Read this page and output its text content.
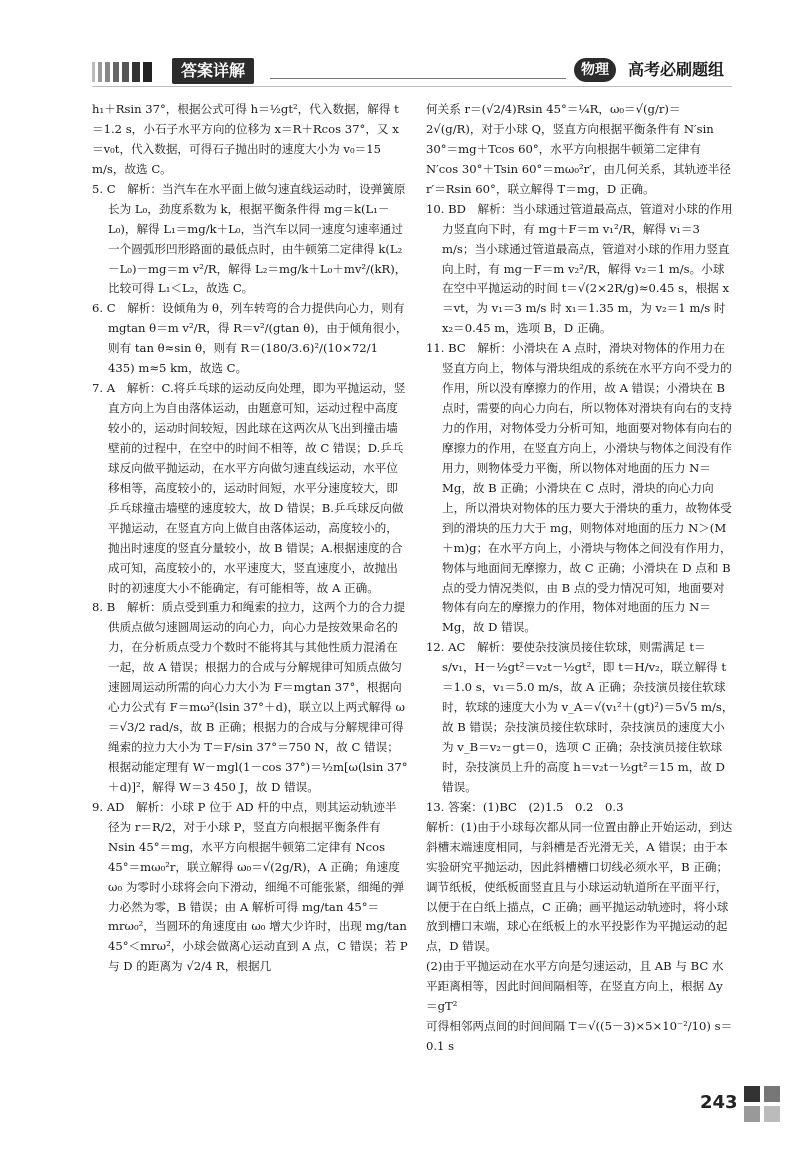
答案详解	物理	高考必刷题组

h₁＋Rsin 37°，根据公式可得 h＝½gt²，代入数据，解得 t＝1.2 s，小石子水平方向的位移为 x＝R＋Rcos 37°，又 x＝v₀t，代入数据，可得石子抛出时的速度大小为 v₀＝15 m/s，故选 C。

5. C　解析：当汽车在水平面上做匀速直线运动时，设弹簧原长为 L₀，劲度系数为 k，根据平衡条件得 mg＝k(L₁－L₀)，解得 L₁＝mg/k＋L₀，当汽车以同一速度匀速率通过一个圆弧形凹形路面的最低点时，由牛顿第二定律得 k(L₂－L₀)－mg＝m v²/R，解得 L₂＝mg/k＋L₀＋mv²/(kR)，比较可得 L₁＜L₂，故选 C。

6. C　解析：设倾角为 θ，列车转弯的合力提供向心力，则有 mgtan θ＝m v²/R，得 R＝v²/(gtan θ)，由于倾角很小，则有 tan θ≈sin θ，则有 R＝(180/3.6)²/(10×72/1 435) m≈5 km，故选 C。

7. A　解析：C.将乒乓球的运动反向处理，即为平抛运动，竖直方向上为自由落体运动，由题意可知，运动过程中高度较小的，运动时间较短，因此球在这两次从飞出到撞击墙壁前的过程中，在空中的时间不相等，故 C 错误；D.乒乓球反向做平抛运动，在水平方向做匀速直线运动，水平位移相等，高度较小的，运动时间短，水平分速度较大，即乒乓球撞击墙壁的速度较大，故 D 错误；B.乒乓球反向做平抛运动，在竖直方向上做自由落体运动，高度较小的，抛出时速度的竖直分量较小，故 B 错误；A.根据速度的合成可知，高度较小的，水平速度大，竖直速度小，故抛出时的初速度大小不能确定，有可能相等，故 A 正确。

8. B　解析：质点受到重力和绳索的拉力，这两个力的合力提供质点做匀速圆周运动的向心力，向心力是按效果命名的力，在分析质点受力个数时不能将其与其他性质力混淆在一起，故 A 错误；根据力的合成与分解规律可知质点做匀速圆周运动所需的向心力大小为 F＝mgtan 37°，根据向心力公式有 F＝mω²(lsin 37°＋d)，联立以上两式解得 ω＝√3/2 rad/s，故 B 正确；根据力的合成与分解规律可得绳索的拉力大小为 T＝F/sin 37°＝750 N，故 C 错误；根据动能定理有 W－mgl(1－cos 37°)＝½m[ω(lsin 37°＋d)]²，解得 W＝3 450 J，故 D 错误。

9. AD　解析：小球 P 位于 AD 杆的中点，则其运动轨迹半径为 r＝R/2，对于小球 P，竖直方向根据平衡条件有 Nsin 45°＝mg，水平方向根据牛顿第二定律有 Ncos 45°＝mω₀²r，联立解得 ω₀＝√(2g/R)，A 正确；角速度 ω₀ 为零时小球将会向下滑动，细绳不可能张紧，细绳的弹力必然为零，B 错误；由 A 解析可得 mg/tan 45°＝mrω₀²，当圆环的角速度由 ω₀ 增大少许时，出现 mg/tan 45°＜mrω²，小球会做离心运动直到 A 点，C 错误；若 P 与 D 的距离为 √2/4 R，根据几

何关系 r＝(√2/4)Rsin 45°＝¼R，ω₀＝√(g/r)＝2√(g/R)，对于小球 Q，竖直方向根据平衡条件有 N′sin 30°＝mg＋Tcos 60°，水平方向根据牛顿第二定律有 N′cos 30°＋Tsin 60°＝mω₀²r′，由几何关系，其轨迹半径 r′＝Rsin 60°，联立解得 T＝mg，D 正确。

10. BD　解析：当小球通过管道最高点，管道对小球的作用力竖直向下时，有 mg＋F＝m v₁²/R，解得 v₁＝3 m/s；当小球通过管道最高点，管道对小球的作用力竖直向上时，有 mg－F＝m v₂²/R，解得 v₂＝1 m/s。小球在空中平抛运动的时间 t＝√(2×2R/g)≈0.45 s，根据 x＝vt，为 v₁＝3 m/s 时 x₁＝1.35 m，为 v₂＝1 m/s 时 x₂＝0.45 m，选项 B，D 正确。

11. BC　解析：小滑块在 A 点时，滑块对物体的作用力在竖直方向上，物体与滑块组成的系统在水平方向不受力的作用，所以没有摩擦力的作用，故 A 错误；小滑块在 B 点时，需要的向心力向右，所以物体对滑块有向右的支持力的作用，对物体受力分析可知，地面要对物体有向右的摩擦力的作用，在竖直方向上，小滑块与物体之间没有作用力，则物体受力平衡，所以物体对地面的压力 N＝Mg，故 B 正确；小滑块在 C 点时，滑块的向心力向上，所以滑块对物体的压力要大于滑块的重力，故物体受到的滑块的压力大于 mg，则物体对地面的压力 N＞(M＋m)g；在水平方向上，小滑块与物体之间没有作用力，物体与地面间无摩擦力，故 C 正确；小滑块在 D 点和 B 点的受力情况类似，由 B 点的受力情况可知，地面要对物体有向左的摩擦力的作用，物体对地面的压力 N＝Mg，故 D 错误。

12. AC　解析：要使杂技演员接住软球，则需满足 t＝s/v₁，H－½gt²＝v₂t－½gt²，即 t＝H/v₂，联立解得 t＝1.0 s，v₁＝5.0 m/s，故 A 正确；杂技演员接住软球时，软球的速度大小为 v_A＝√(v₁²＋(gt)²)＝5√5 m/s，故 B 错误；杂技演员接住软球时，杂技演员的速度大小为 v_B＝v₂－gt＝0，选项 C 正确；杂技演员接住软球时，杂技演员上升的高度 h＝v₂t－½gt²＝15 m，故 D 错误。

13. 答案：(1)BC　(2)1.5　0.2　0.3

解析：(1)由于小球每次都从同一位置由静止开始运动，到达斜槽末端速度相同，与斜槽是否光滑无关，A 错误；由于本实验研究平抛运动，因此斜槽槽口切线必须水平，B 正确；调节纸板，使纸板面竖直且与小球运动轨道所在平面平行，以便于在白纸上描点，C 正确；画平抛运动轨迹时，将小球放到槽口末端，球心在纸板上的水平投影作为平抛运动的起点，D 错误。

(2)由于平抛运动在水平方向是匀速运动，且 AB 与 BC 水平距离相等，因此时间间隔相等，在竖直方向上，根据 Δy＝gT²

可得相邻两点间的时间间隔 T＝√((5－3)×5×10⁻²/10) s＝0.1 s

243
